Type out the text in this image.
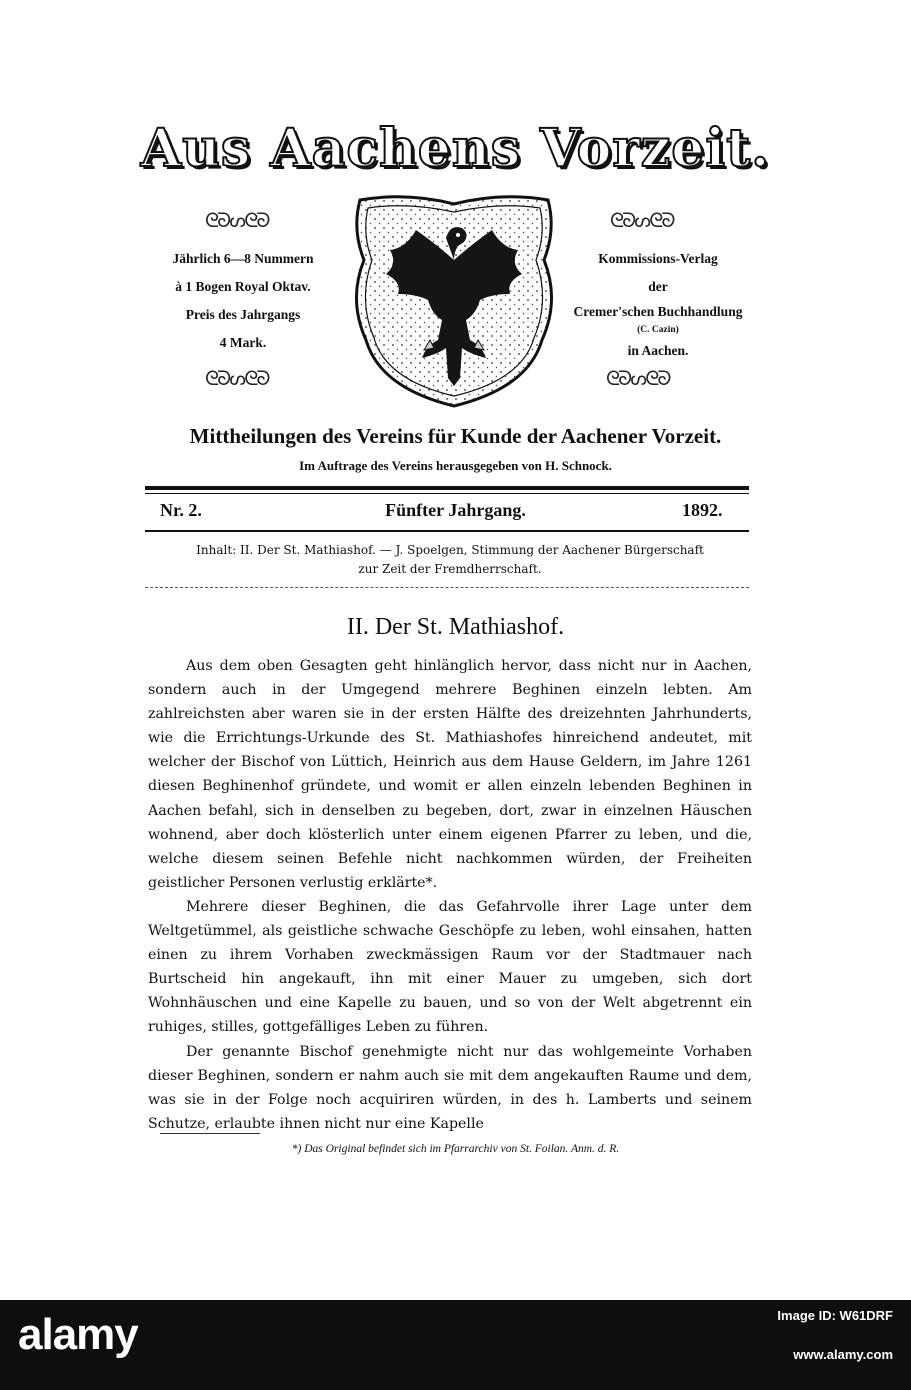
Aus Aachens Vorzeit.
ᘓᘐᔕᘓᘐ	ᘓᘐᔕᘓᘐ
ᘓᘐᔕᘓᘐ	ᘓᘐᔕᘓᘐ
Jährlich 6—8 Nummern
à 1 Bogen Royal Oktav.
Preis des Jahrgangs
4 Mark.
Kommissions-Verlag
der
Cremer'schen Buchhandlung
(C. Cazin)
in Aachen.
Mittheilungen des Vereins für Kunde der Aachener Vorzeit.
Im Auftrage des Vereins herausgegeben von H. Schnock.
Nr. 2.	Fünfter Jahrgang.	1892.
Inhalt: II. Der St. Mathiashof. — J. Spoelgen, Stimmung der Aachener Bürgerschaft
zur Zeit der Fremdherrschaft.
II. Der St. Mathiashof.

Aus dem oben Gesagten geht hinlänglich hervor, dass nicht nur in Aachen, sondern auch in der Umgegend mehrere Beghinen einzeln lebten. Am zahlreichsten aber waren sie in der ersten Hälfte des dreizehnten Jahrhunderts, wie die Errichtungs-Urkunde des St. Mathiashofes hinreichend andeutet, mit welcher der Bischof von Lüttich, Heinrich aus dem Hause Geldern, im Jahre 1261 diesen Beghinenhof gründete, und womit er allen einzeln lebenden Beghinen in Aachen befahl, sich in denselben zu begeben, dort, zwar in einzelnen Häuschen wohnend, aber doch klösterlich unter einem eigenen Pfarrer zu leben, und die, welche diesem seinen Befehle nicht nachkommen würden, der Freiheiten geistlicher Personen verlustig erklärte*.

Mehrere dieser Beghinen, die das Gefahrvolle ihrer Lage unter dem Weltgetümmel, als geistliche schwache Geschöpfe zu leben, wohl einsahen, hatten einen zu ihrem Vorhaben zweckmässigen Raum vor der Stadtmauer nach Burtscheid hin angekauft, ihn mit einer Mauer zu umgeben, sich dort Wohnhäuschen und eine Kapelle zu bauen, und so von der Welt abgetrennt ein ruhiges, stilles, gottgefälliges Leben zu führen.

Der genannte Bischof genehmigte nicht nur das wohlgemeinte Vorhaben dieser Beghinen, sondern er nahm auch sie mit dem angekauften Raume und dem, was sie in der Folge noch acquiriren würden, in des h. Lamberts und seinem Schutze, erlaubte ihnen nicht nur eine Kapelle

*) Das Original befindet sich im Pfarrarchiv von St. Foilan. Anm. d. R.
alamy	Image ID: W61DRF
www.alamy.com
